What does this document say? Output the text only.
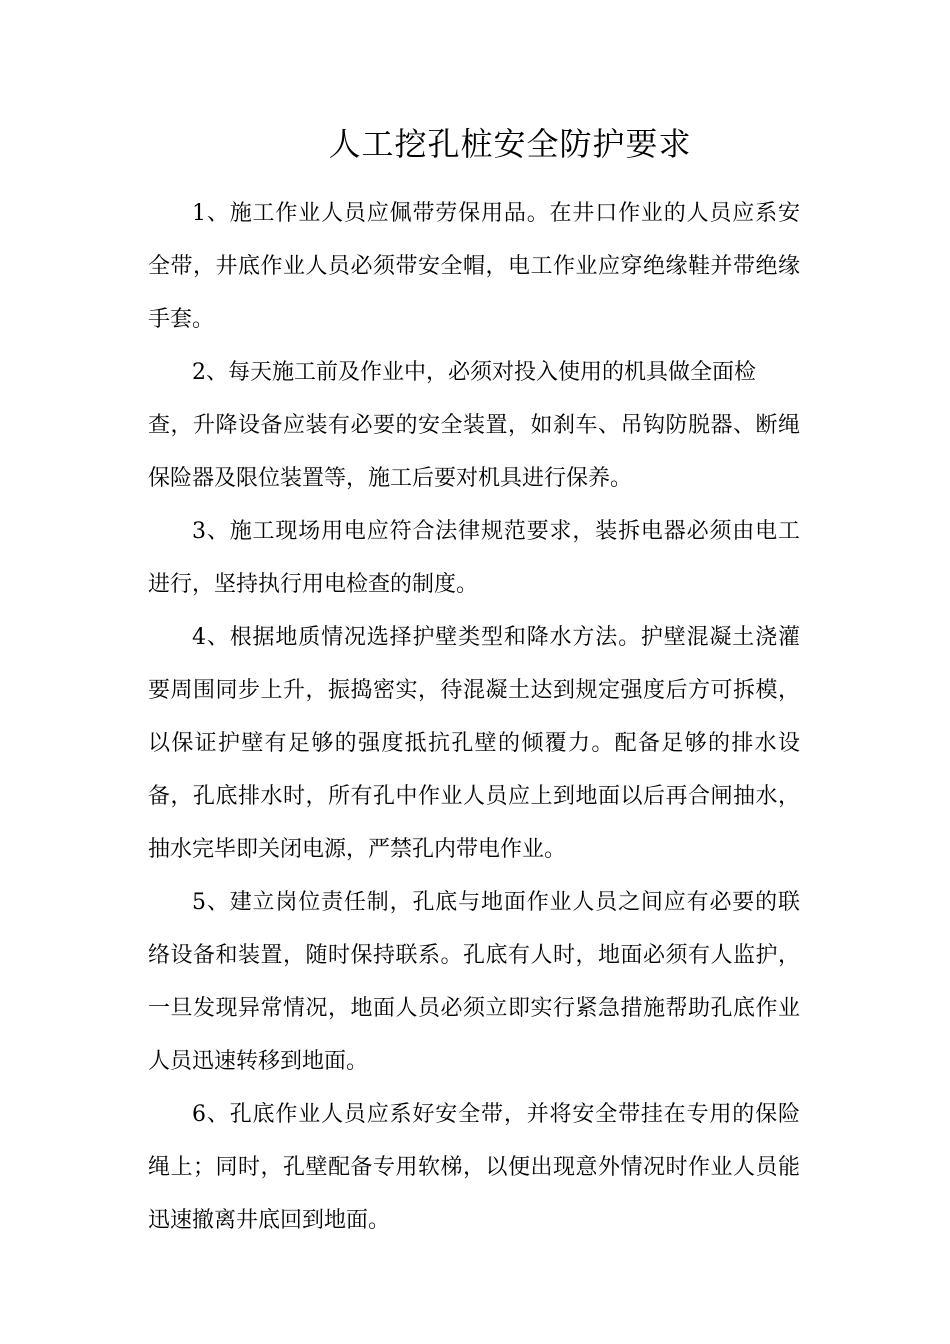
人工挖孔桩安全防护要求
1、施工作业人员应佩带劳保用品。在井口作业的人员应系安
全带，井底作业人员必须带安全帽，电工作业应穿绝缘鞋并带绝缘
手套。
2、每天施工前及作业中，必须对投入使用的机具做全面检
查，升降设备应装有必要的安全装置，如刹车、吊钩防脱器、断绳
保险器及限位装置等，施工后要对机具进行保养。
3、施工现场用电应符合法律规范要求，装拆电器必须由电工
进行，坚持执行用电检查的制度。
4、根据地质情况选择护壁类型和降水方法。护壁混凝土浇灌
要周围同步上升，振捣密实，待混凝土达到规定强度后方可拆模，
以保证护壁有足够的强度抵抗孔壁的倾覆力。配备足够的排水设
备，孔底排水时，所有孔中作业人员应上到地面以后再合闸抽水，
抽水完毕即关闭电源，严禁孔内带电作业。
5、建立岗位责任制，孔底与地面作业人员之间应有必要的联
络设备和装置，随时保持联系。孔底有人时，地面必须有人监护，
一旦发现异常情况，地面人员必须立即实行紧急措施帮助孔底作业
人员迅速转移到地面。
6、孔底作业人员应系好安全带，并将安全带挂在专用的保险
绳上；同时，孔壁配备专用软梯，以便出现意外情况时作业人员能
迅速撤离井底回到地面。
